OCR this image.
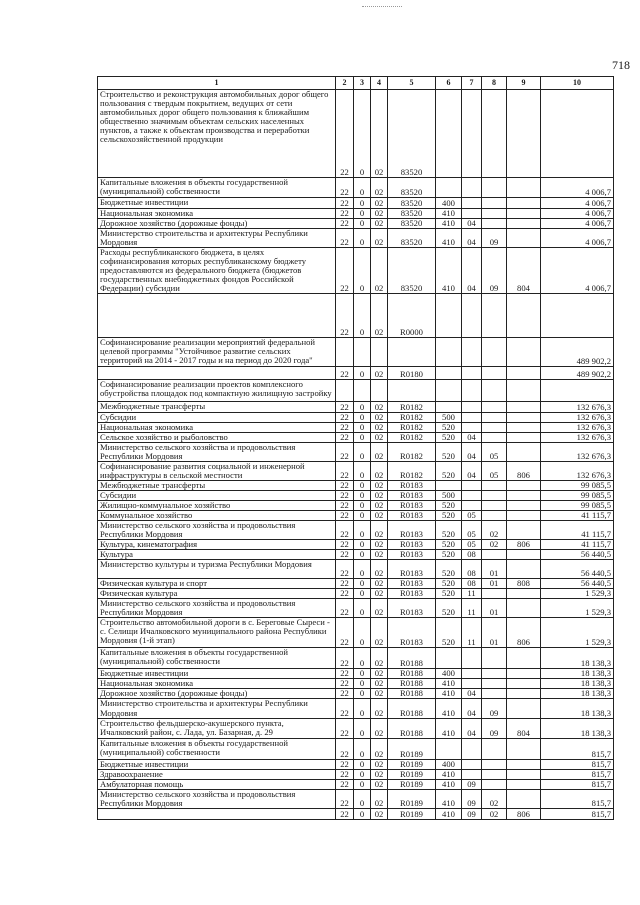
718
1	2	3	4	5	6	7	8	9	10
Строительство и реконструкция автомобильных дорог общего пользования с твердым покрытием, ведущих от сети автомобильных дорог общего пользования к ближайшим общественно значимым объектам сельских населенных пунктов, а также к объектам производства и переработки сельскохозяйственной продукции	22	0	02	83520					
Капитальные вложения в объекты государственной (муниципальной) собственности	22	0	02	83520					4 006,7
Бюджетные инвестиции	22	0	02	83520	400				4 006,7
Национальная экономика	22	0	02	83520	410				4 006,7
Дорожное хозяйство (дорожные фонды)	22	0	02	83520	410	04			4 006,7
Министерство строительства и архитектуры Республики Мордовия	22	0	02	83520	410	04	09		4 006,7
Расходы республиканского бюджета, в целях софинансирования которых республиканскому бюджету предоставляются из федерального бюджета (бюджетов государственных внебюджетных фондов Российской Федерации) субсидии	22	0	02	83520	410	04	09	804	4 006,7
	22	0	02	R0000					
Софинансирование реализации мероприятий федеральной целевой программы "Устойчивое развитие сельских территорий на 2014 - 2017 годы и на период до 2020 года"									489 902,2
	22	0	02	R0180					489 902,2
Софинансирование реализации проектов комплексного обустройства площадок под компактную жилищную застройку									
Межбюджетные трансферты	22	0	02	R0182					132 676,3
Субсидии	22	0	02	R0182	500				132 676,3
Национальная экономика	22	0	02	R0182	520				132 676,3
Сельское хозяйство и рыболовство	22	0	02	R0182	520	04			132 676,3
Министерство сельского хозяйства и продовольствия Республики Мордовия	22	0	02	R0182	520	04	05		132 676,3
Софинансирование развития социальной и инженерной инфраструктуры в сельской местности	22	0	02	R0182	520	04	05	806	132 676,3
Межбюджетные трансферты	22	0	02	R0183					99 085,5
Субсидии	22	0	02	R0183	500				99 085,5
Жилищно-коммунальное хозяйство	22	0	02	R0183	520				99 085,5
Коммунальное хозяйство	22	0	02	R0183	520	05			41 115,7
Министерство сельского хозяйства и продовольствия Республики Мордовия	22	0	02	R0183	520	05	02		41 115,7
Культура, кинематография	22	0	02	R0183	520	05	02	806	41 115,7
Культура	22	0	02	R0183	520	08			56 440,5
Министерство культуры и туризма Республики Мордовия	22	0	02	R0183	520	08	01		56 440,5
Физическая культура и спорт	22	0	02	R0183	520	08	01	808	56 440,5
Физическая культура	22	0	02	R0183	520	11			1 529,3
Министерство сельского хозяйства и продовольствия Республики Мордовия	22	0	02	R0183	520	11	01		1 529,3
Строительство автомобильной дороги в с. Береговые Сыреси - с. Селищи Ичалковского муниципального района Республики Мордовия (1-й этап)	22	0	02	R0183	520	11	01	806	1 529,3
Капитальные вложения в объекты государственной (муниципальной) собственности	22	0	02	R0188					18 138,3
Бюджетные инвестиции	22	0	02	R0188	400				18 138,3
Национальная экономика	22	0	02	R0188	410				18 138,3
Дорожное хозяйство (дорожные фонды)	22	0	02	R0188	410	04			18 138,3
Министерство строительства и архитектуры Республики Мордовия	22	0	02	R0188	410	04	09		18 138,3
Строительство фельдшерско-акушерского пункта, Ичалковский район, с. Лада, ул. Базарная, д. 29	22	0	02	R0188	410	04	09	804	18 138,3
Капитальные вложения в объекты государственной (муниципальной) собственности	22	0	02	R0189					815,7
Бюджетные инвестиции	22	0	02	R0189	400				815,7
Здравоохранение	22	0	02	R0189	410				815,7
Амбулаторная помощь	22	0	02	R0189	410	09			815,7
Министерство сельского хозяйства и продовольствия Республики Мордовия	22	0	02	R0189	410	09	02		815,7
	22	0	02	R0189	410	09	02	806	815,7
